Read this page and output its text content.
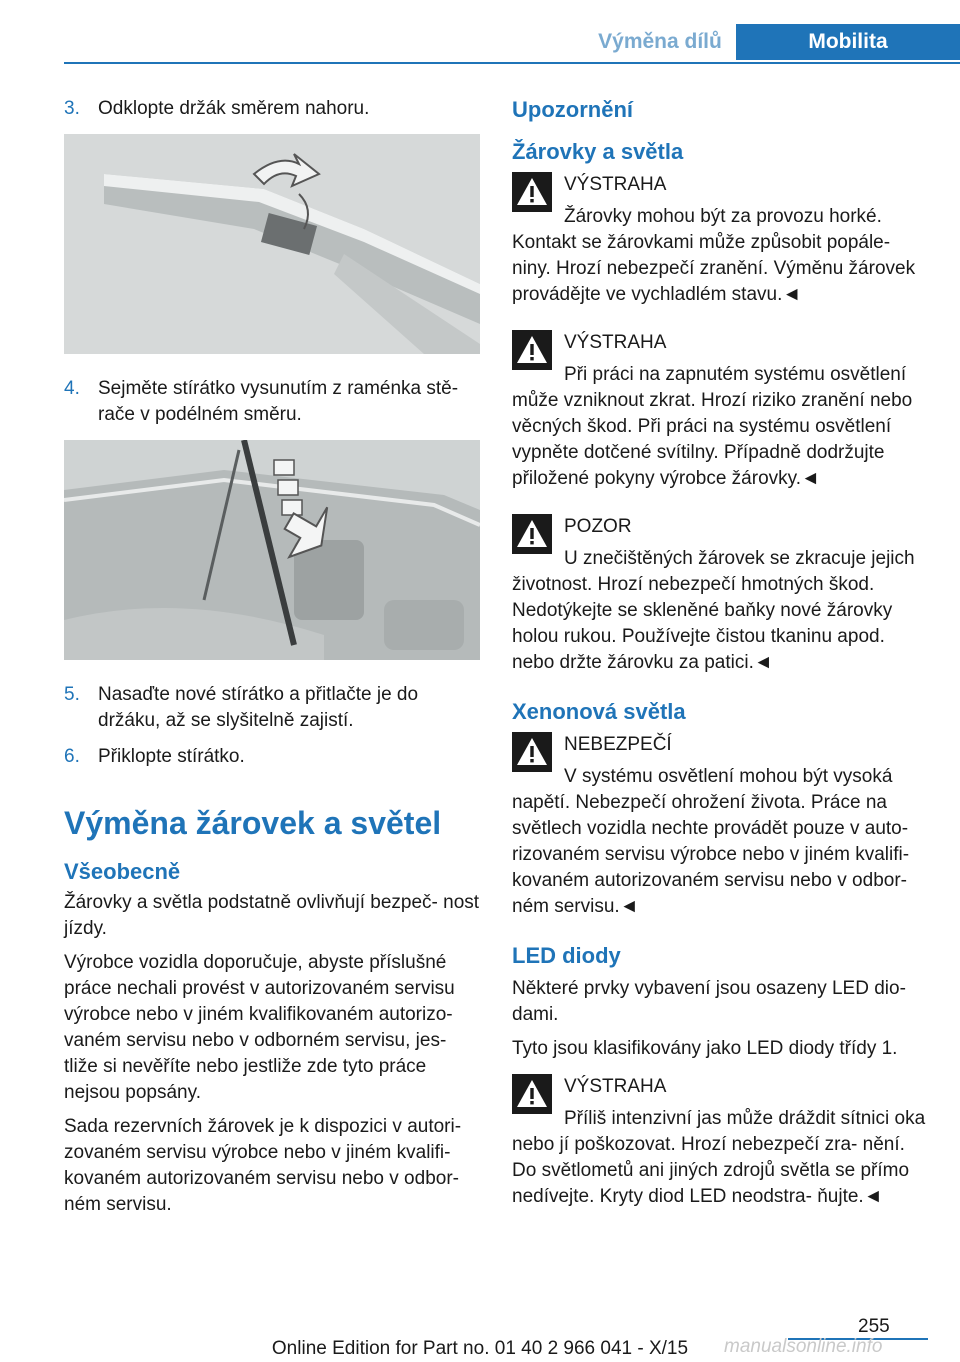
Výměna dílů	Mobilita
3. Odklopte držák směrem nahoru.
4. Sejměte stírátko vysunutím z raménka stě- rače v podélném směru.
5. Nasaďte nové stírátko a přitlačte je do držáku, až se slyšitelně zajistí.
6. Přiklopte stírátko.
Výměna žárovek a světel
Všeobecně

Žárovky a světla podstatně ovlivňují bezpeč- nost jízdy.

Výrobce vozidla doporučuje, abyste příslušné práce nechali provést v autorizovaném servisu výrobce nebo v jiném kvalifikovaném autorizo- vaném servisu nebo v odborném servisu, jes- tliže si nevěříte nebo jestliže zde tyto práce nejsou popsány.

Sada rezervních žárovek je k dispozici v autori- zovaném servisu výrobce nebo v jiném kvalifi- kovaném autorizovaném servisu nebo v odbor- ném servisu.

Upozornění
Žárovky a světla
VÝSTRAHA

Žárovky mohou být za provozu horké. Kontakt se žárovkami může způsobit popále- niny. Hrozí nebezpečí zranění. Výměnu žárovek provádějte ve vychladlém stavu.◄

VÝSTRAHA

Při práci na zapnutém systému osvětlení může vzniknout zkrat. Hrozí riziko zranění nebo věcných škod. Při práci na systému osvětlení vypněte dotčené svítilny. Případně dodržujte přiložené pokyny výrobce žárovky.◄

POZOR

U znečištěných žárovek se zkracuje jejich životnost. Hrozí nebezpečí hmotných škod. Nedotýkejte se skleněné baňky nové žárovky holou rukou. Používejte čistou tkaninu apod. nebo držte žárovku za patici.◄

Xenonová světla
NEBEZPEČÍ

V systému osvětlení mohou být vysoká napětí. Nebezpečí ohrožení života. Práce na světlech vozidla nechte provádět pouze v auto- rizovaném servisu výrobce nebo v jiném kvalifi- kovaném autorizovaném servisu nebo v odbor- ném servisu.◄

LED diody

Některé prvky vybavení jsou osazeny LED dio- dami.

Tyto jsou klasifikovány jako LED diody třídy 1.

VÝSTRAHA

Příliš intenzivní jas může dráždit sítnici oka nebo jí poškozovat. Hrozí nebezpečí zra- nění. Do světlometů ani jiných zdrojů světla se přímo nedívejte. Kryty diod LED neodstra- ňujte.◄

255
Online Edition for Part no. 01 40 2 966 041 - X/15	manualsonline.info
